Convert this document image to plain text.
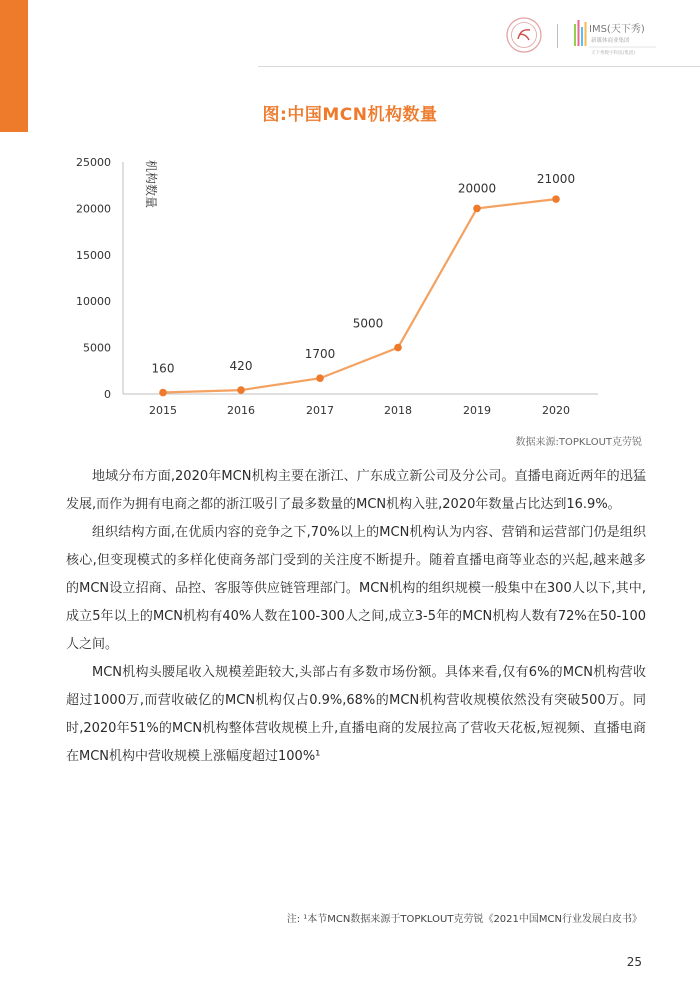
IMS(天下秀)
新媒体商业集团
天下秀数字科技(集团)
图:中国MCN机构数量
机构数量
0
5000
10000
15000
20000
25000
2015	2016	2017	2018	2019	2020
160	420
1700
5000
20000
21000
数据来源:TOPKLOUT克劳锐

地域分布方面,2020年MCN机构主要在浙江、广东成立新公司及分公司。直播电商近两年的迅猛发展,而作为拥有电商之都的浙江吸引了最多数量的MCN机构入驻,2020年数量占比达到16.9%。

组织结构方面,在优质内容的竞争之下,70%以上的MCN机构认为内容、营销和运营部门仍是组织核心,但变现模式的多样化使商务部门受到的关注度不断提升。随着直播电商等业态的兴起,越来越多的MCN设立招商、品控、客服等供应链管理部门。MCN机构的组织规模一般集中在300人以下,其中,成立5年以上的MCN机构有40%人数在100-300人之间,成立3-5年的MCN机构人数有72%在50-100人之间。

MCN机构头腰尾收入规模差距较大,头部占有多数市场份额。具体来看,仅有6%的MCN机构营收超过1000万,而营收破亿的MCN机构仅占0.9%,68%的MCN机构营收规模依然没有突破500万。同时,2020年51%的MCN机构整体营收规模上升,直播电商的发展拉高了营收天花板,短视频、直播电商在MCN机构中营收规模上涨幅度超过100%¹

注: ¹本节MCN数据来源于TOPKLOUT克劳锐《2021中国MCN行业发展白皮书》
25
